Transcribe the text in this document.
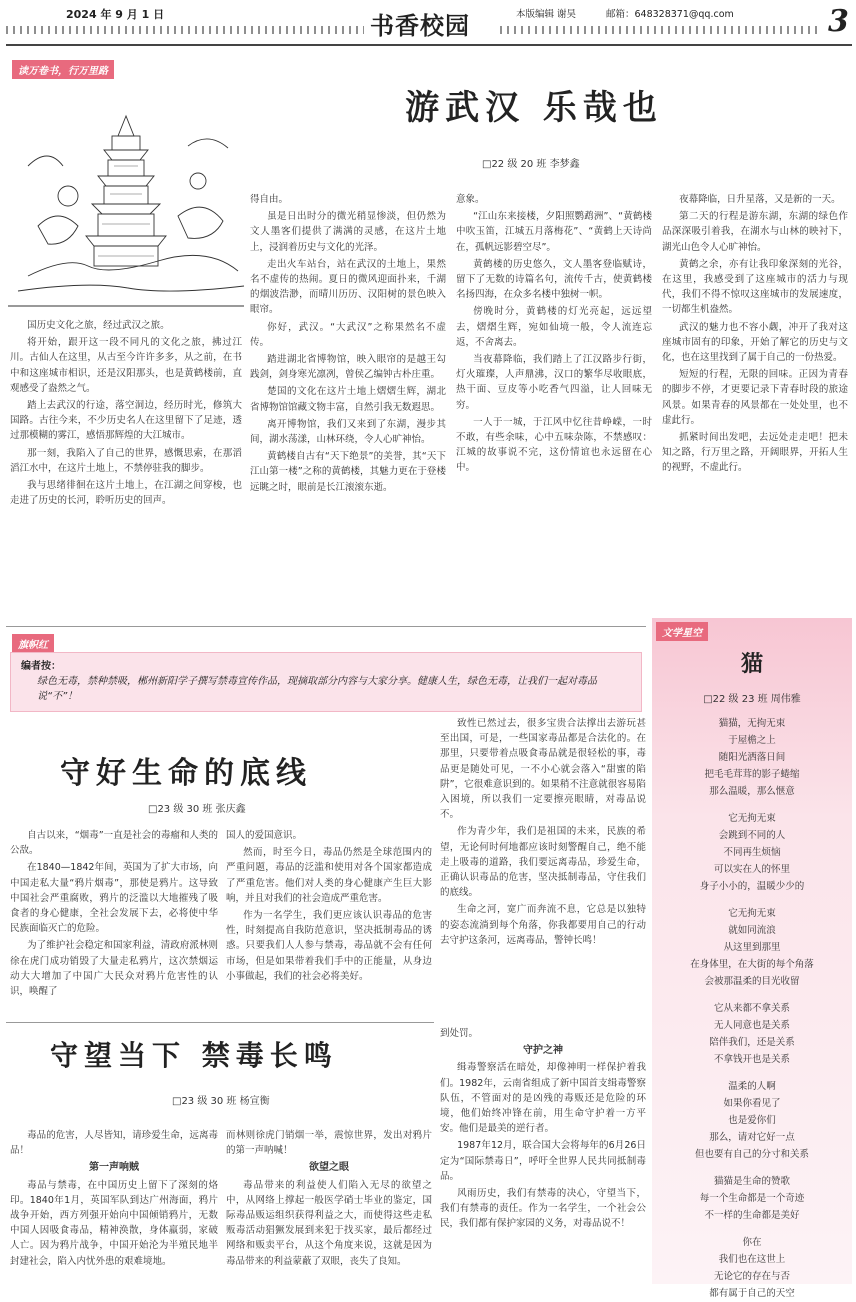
2024 年 9 月 1 日	书香校园	本版编辑 谢昊	邮箱：648328371@qq.com	3
读万卷书，行万里路
游武汉 乐哉也
□22 级 20 班 李梦鑫

国历史文化之旅，经过武汉之旅。

将开始，跟开这一段不同凡的文化之旅，拂过江川。古仙人在这里，从古至今许许多多，从之前，在书中和这座城市相识，还是汉阳那头，也是黄鹤楼前，直观感受了盎然之气。

踏上去武汉的行途，落空洞边，经历时光，修筑大国路。古往今来，不少历史名人在这里留下了足迹，透过那模糊的雾江，感悟那辉煌的大江城市。

那一刻，我陷入了自己的世界，感慨思索，在那滔滔江水中，在这片土地上，不禁停驻我的脚步。

我与思绪徘徊在这片土地上，在江湖之间穿梭，也走进了历史的长河，聆听历史的回声。

得自由。

虽是日出时分的微光稍显惨淡，但仍然为文人墨客们提供了满满的灵感，在这片土地上，浸润着历史与文化的光泽。

走出火车站台，站在武汉的土地上，果然名不虚传的热闹。夏日的微风迎面扑来，千湖的烟波浩渺，而晴川历历、汉阳树的景色映入眼帘。

你好，武汉。“大武汉”之称果然名不虚传。

踏进湖北省博物馆，映入眼帘的是越王勾践剑，剑身寒光凛冽，曾侯乙编钟古朴庄重。

楚国的文化在这片土地上熠熠生辉，湖北省博物馆馆藏文物丰富，自然引我无数遐思。

离开博物馆，我们又来到了东湖，漫步其间，湖水荡漾，山林环绕，令人心旷神怡。

黄鹤楼自古有“天下绝景”的美誉，其“天下江山第一楼”之称的黄鹤楼，其魅力更在于登楼远眺之时，眼前是长江滚滚东逝。

意象。

“江山东来接楼，夕阳照鹦鹉洲”、“黄鹤楼中吹玉笛，江城五月落梅花”、“黄鹤上天诗尚在，孤帆远影碧空尽”。

黄鹤楼的历史悠久，文人墨客登临赋诗，留下了无数的诗篇名句，流传千古，使黄鹤楼名扬四海，在众多名楼中独树一帜。

傍晚时分，黄鹤楼的灯光亮起，远远望去，熠熠生辉，宛如仙境一般，令人流连忘返，不舍离去。

当夜幕降临，我们踏上了江汉路步行街，灯火璀璨，人声鼎沸，汉口的繁华尽收眼底，热干面、豆皮等小吃香气四溢，让人回味无穷。

一人于一城，于江风中忆往昔峥嵘，一时不敢，有些余味，心中五味杂陈，不禁感叹：江城的故事说不完，这份情谊也永远留在心中。

夜幕降临，日升星落，又是新的一天。

第二天的行程是游东湖，东湖的绿色作品深深吸引着我，在湖水与山林的映衬下，湖光山色令人心旷神怡。

黄鹤之余，亦有让我印象深刻的光谷，在这里，我感受到了这座城市的活力与现代，我们不得不惊叹这座城市的发展速度，一切都生机盎然。

武汉的魅力也不容小觑，冲开了我对这座城市固有的印象，开始了解它的历史与文化，也在这里找到了属于自己的一份热爱。

短短的行程，无限的回味。正因为青春的脚步不停，才更要记录下青春时段的旅途风景。如果青春的风景都在一处处里，也不虚此行。

抓紧时间出发吧，去远处走走吧！把未知之路，行万里之路，开阔眼界，开拓人生的视野，不虚此行。

旗帜红
编者按：
绿色无毒，禁种禁吸，郴州新阳学子撰写禁毒宣传作品，现摘取部分内容与大家分享。健康人生，绿色无毒，让我们一起对毒品说“不”！
守好生命的底线
□23 级 30 班 张庆鑫

自古以来，“烟毒”一直是社会的毒瘤和人类的公敌。

在1840—1842年间，英国为了扩大市场，向中国走私大量“鸦片烟毒”，那使是鸦片。这导致中国社会严重腐败，鸦片的泛滥以大地摧残了吸食者的身心健康，全社会发展下去，必将使中华民族面临灭亡的危险。

为了维护社会稳定和国家利益，清政府派林则徐在虎门成功销毁了大量走私鸦片，这次禁烟运动大大增加了中国广大民众对鸦片危害性的认识，唤醒了

国人的爱国意识。

然而，时至今日，毒品仍然是全球范围内的严重问题，毒品的泛滥和使用对各个国家都造成了严重危害。他们对人类的身心健康产生巨大影响，并且对我们的社会造成严重危害。

作为一名学生，我们更应该认识毒品的危害性，时刻提高自我防范意识，坚决抵制毒品的诱惑。只要我们人人参与禁毒，毒品就不会有任何市场，但是如果带着我们手中的正能量，从身边小事做起，我们的社会必将美好。

致性已然过去，很多宝贵合法撑出去游玩甚至出国，可是，一些国家毒品都是合法化的。在那里，只要带着点吸食毒品就是很轻松的事，毒品更是随处可见，一不小心就会落入“甜蜜的陷阱”，它很难意识到的。如果稍不注意就很容易陷入困境，所以我们一定要擦亮眼睛，对毒品说不。

作为青少年，我们是祖国的未来，民族的希望，无论何时何地都应该时刻警醒自己，绝不能走上吸毒的道路，我们要远离毒品，珍爱生命，正确认识毒品的危害，坚决抵制毒品，守住我们的底线。

生命之河，宽广而奔流不息，它总是以独特的姿态流淌到每个角落，你我都要用自己的行动去守护这条河，远离毒品，警钟长鸣！

守望当下 禁毒长鸣
□23 级 30 班 杨宣衡

毒品的危害，人尽皆知，请珍爱生命，远离毒品！

第一声响贼

毒品与禁毒，在中国历史上留下了深刻的烙印。1840年1月，英国军队到达广州海面，鸦片战争开始，西方列强开始向中国倾销鸦片，无数中国人因吸食毒品，精神涣散，身体羸弱，家破人亡。因为鸦片战争，中国开始沦为半殖民地半封建社会，陷入内忧外患的艰难境地。

而林则徐虎门销烟一举，震惊世界，发出对鸦片的第一声呐喊！

欲望之眼

毒品带来的利益使人们陷入无尽的欲望之中，从网络上撑起一般医学硝士毕业的鉴定，国际毒品贩运组织获得利益之大，而使得这些走私贩毒活动猖獗发展到来犯于找买家，最后都经过网络和贩卖平台，从这个角度来说，这就是因为毒品带来的利益蒙蔽了双眼，丧失了良知。

到处罚。

守护之神

缉毒警察活在暗处，却像神明一样保护着我们。1982年，云南省组成了新中国首支缉毒警察队伍，不管面对的是凶残的毒贩还是危险的环境，他们始终冲锋在前，用生命守护着一方平安。他们是最美的逆行者。

1987年12月，联合国大会将每年的6月26日定为“国际禁毒日”，呼吁全世界人民共同抵制毒品。

风雨历史，我们有禁毒的决心，守望当下，我们有禁毒的责任。作为一名学生，一个社会公民，我们都有保护家园的义务，对毒品说不！

文学星空
猫
□22 级 23 班 周伟雅
猫猫，无拘无束
于屋檐之上
随阳光洒落日间
把毛毛茸茸的影子蜷缩
那么温暖，那么惬意
它无拘无束
会跳到不同的人
不同再生烦恼
可以实在人的怀里
身子小小的，温暖少少的
它无拘无束
就如同流浪
从这里到那里
在身体里，在大街的每个角落
会被那温柔的目光收留
它从来都不拿关系
无人同意也是关系
陪伴我们，还是关系
不拿钱开也是关系
温柔的人啊
如果你看见了
也是爱你们
那么，请对它好一点
但也要有自己的分寸和关系
猫猫是生命的赞歌
每一个生命都是一个奇迹
不一样的生命都是美好
你在
我们也在这世上
无论它的存在与否
都有属于自己的天空
